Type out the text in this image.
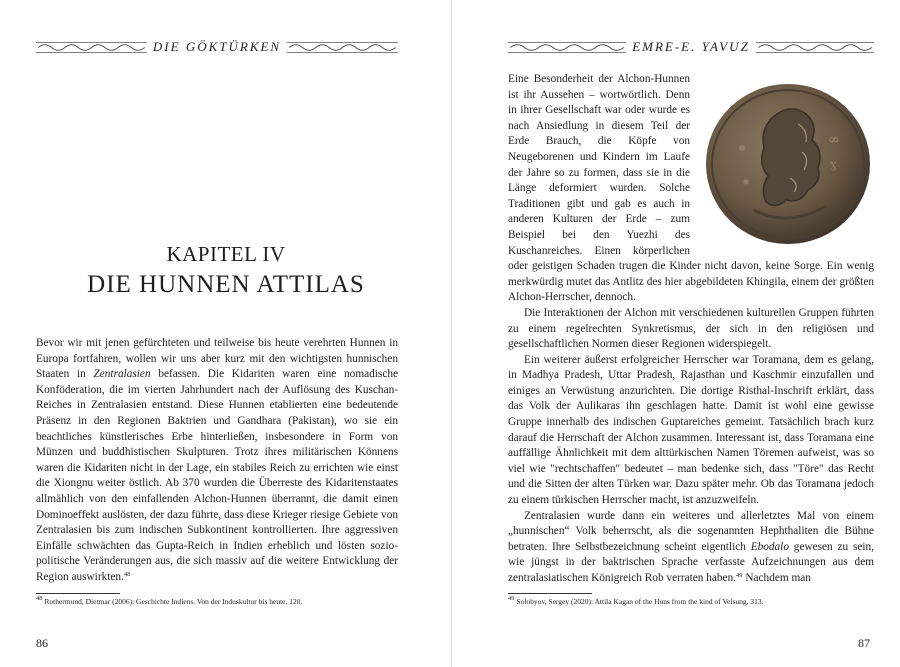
DIE GÖKTÜRKEN
KAPITEL IV
DIE HUNNEN ATTILAS

Bevor wir mit jenen gefürchteten und teilweise bis heute verehrten Hunnen in Europa fortfahren, wollen wir uns aber kurz mit den wichtigsten hunnischen Staaten in Zentralasien befassen. Die Kidariten waren eine nomadische Konföderation, die im vierten Jahrhundert nach der Auflösung des Kuschan-Reiches in Zentralasien entstand. Diese Hunnen etablierten eine bedeutende Präsenz in den Regionen Baktrien und Gandhara (Pakistan), wo sie ein beachtliches künstlerisches Erbe hinterließen, insbesondere in Form von Münzen und buddhistischen Skulpturen. Trotz ihres militärischen Könnens waren die Kidariten nicht in der Lage, ein stabiles Reich zu errichten wie einst die Xiongnu weiter östlich. Ab 370 wurden die Überreste des Kidaritenstaates allmählich von den einfallenden Alchon-Hunnen überrannt, die damit einen Dominoeffekt auslösten, der dazu führte, dass diese Krieger riesige Gebiete von Zentralasien bis zum indischen Subkontinent kontrollierten. Ihre aggressiven Einfälle schwächten das Gupta-Reich in Indien erheblich und lösten sozio-politische Veränderungen aus, die sich massiv auf die weitere Entwicklung der Region auswirkten.$^{48}$

$^{48}$ Rothermund, Dietmar (2006): Geschichte Indiens. Von der Induskultur bis heute, 120.
86
EMRE-E. YAVUZ

∞
ɣ
Eine Besonderheit der Alchon-Hunnen ist ihr Aussehen – wortwörtlich. Denn in ihrer Gesellschaft war oder wurde es nach Ansiedlung in diesem Teil der Erde Brauch, die Köpfe von Neugeborenen und Kindern im Laufe der Jahre so zu formen, dass sie in die Länge deformiert wurden. Solche Traditionen gibt und gab es auch in anderen Kulturen der Erde – zum Beispiel bei den Yuezhi des Kuschanreiches. Einen körperlichen oder geistigen Schaden trugen die Kinder nicht davon, keine Sorge. Ein wenig merkwürdig mutet das Antlitz des hier abgebildeten Khingila, einem der größten Alchon-Herrscher, dennoch.

Die Interaktionen der Alchon mit verschiedenen kulturellen Gruppen führten zu einem regelrechten Synkretismus, der sich in den religiösen und gesellschaftlichen Normen dieser Regionen widerspiegelt.

Ein weiterer äußerst erfolgreicher Herrscher war Toramana, dem es gelang, in Madhya Pradesh, Uttar Pradesh, Rajasthan und Kaschmir einzufallen und einiges an Verwüstung anzurichten. Die dortige Risthal-Inschrift erklärt, dass das Volk der Aulikaras ihn geschlagen hatte. Damit ist wohl eine gewisse Gruppe innerhalb des indischen Guptareiches gemeint. Tatsächlich brach kurz darauf die Herrschaft der Alchon zusammen. Interessant ist, dass Toramana eine auffällige Ähnlichkeit mit dem alttürkischen Namen Töremen aufweist, was so viel wie "rechtschaffen" bedeutet – man bedenke sich, dass "Töre" das Recht und die Sitten der alten Türken war. Dazu später mehr. Ob das Toramana jedoch zu einem türkischen Herrscher macht, ist anzuzweifeln.

Zentralasien wurde dann ein weiteres und allerletztes Mal von einem „hunnischen“ Volk beherrscht, als die sogenannten Hephthaliten die Bühne betraten. Ihre Selbstbezeichnung scheint eigentlich Ebodalo gewesen zu sein, wie jüngst in der baktrischen Sprache verfasste Aufzeichnungen aus dem zentralasiatischen Königreich Rob verraten haben.$^{49}$ Nachdem man

$^{49}$ Solobyov, Sergey (2020): Attila Kagan of the Huns from the kind of Velsung, 313.
87
